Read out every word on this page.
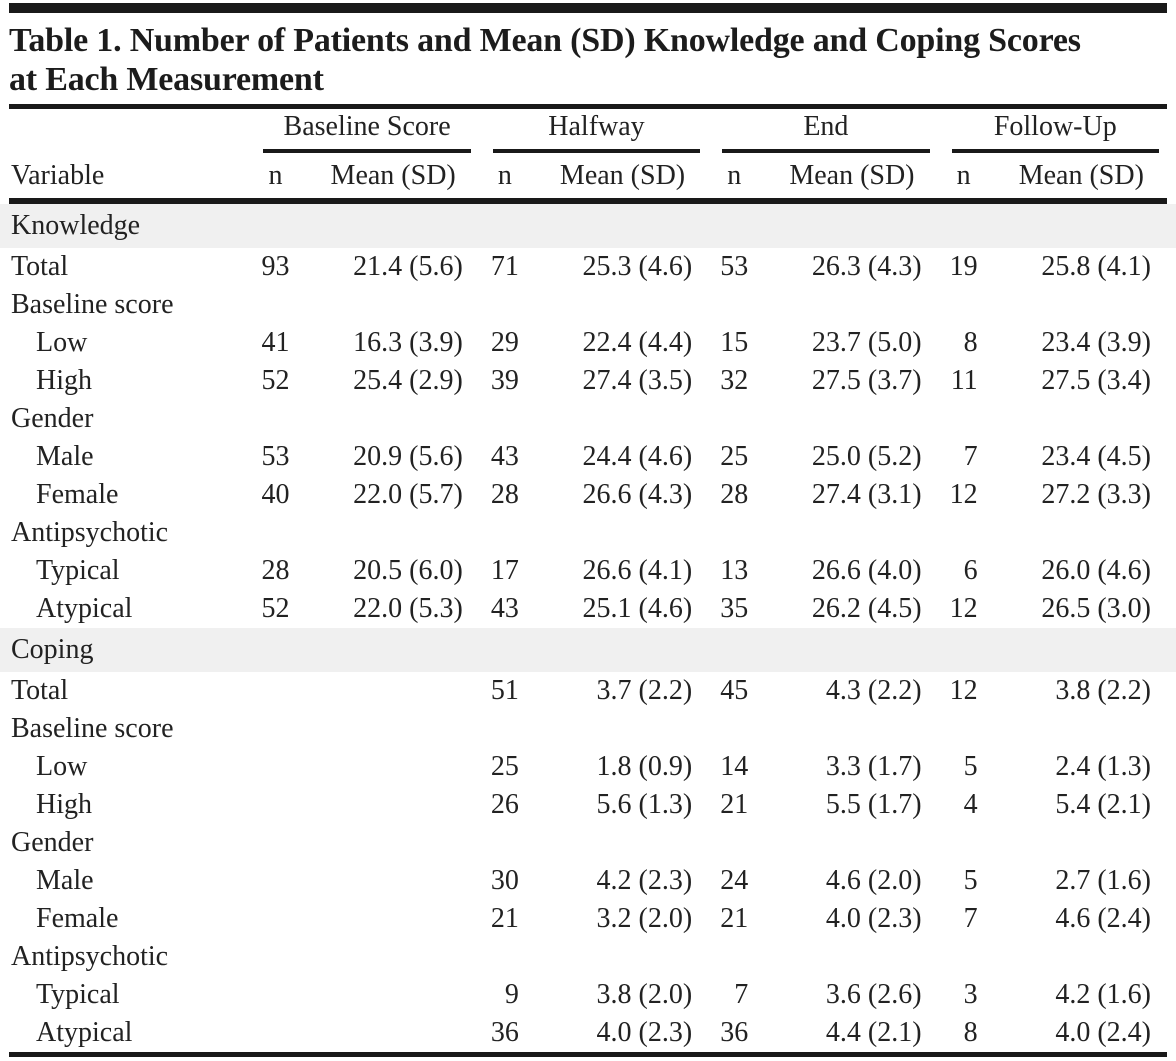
Table 1. Number of Patients and Mean (SD) Knowledge and Coping Scores
at Each Measurement

	Baseline Score		Halfway		End		Follow-Up	

Variable	n	Mean (SD)	n	Mean (SD)	n	Mean (SD)	n	Mean (SD)
Knowledge								
Total	93	21.4 (5.6)	71	25.3 (4.6)	53	26.3 (4.3)	19	25.8 (4.1)
Baseline score								
Low	41	16.3 (3.9)	29	22.4 (4.4)	15	23.7 (5.0)	8	23.4 (3.9)
High	52	25.4 (2.9)	39	27.4 (3.5)	32	27.5 (3.7)	11	27.5 (3.4)
Gender								
Male	53	20.9 (5.6)	43	24.4 (4.6)	25	25.0 (5.2)	7	23.4 (4.5)
Female	40	22.0 (5.7)	28	26.6 (4.3)	28	27.4 (3.1)	12	27.2 (3.3)
Antipsychotic								
Typical	28	20.5 (6.0)	17	26.6 (4.1)	13	26.6 (4.0)	6	26.0 (4.6)
Atypical	52	22.0 (5.3)	43	25.1 (4.6)	35	26.2 (4.5)	12	26.5 (3.0)
Coping								
Total			51	3.7 (2.2)	45	4.3 (2.2)	12	3.8 (2.2)
Baseline score								
Low			25	1.8 (0.9)	14	3.3 (1.7)	5	2.4 (1.3)
High			26	5.6 (1.3)	21	5.5 (1.7)	4	5.4 (2.1)
Gender								
Male			30	4.2 (2.3)	24	4.6 (2.0)	5	2.7 (1.6)
Female			21	3.2 (2.0)	21	4.0 (2.3)	7	4.6 (2.4)
Antipsychotic								
Typical			9	3.8 (2.0)	7	3.6 (2.6)	3	4.2 (1.6)
Atypical			36	4.0 (2.3)	36	4.4 (2.1)	8	4.0 (2.4)
